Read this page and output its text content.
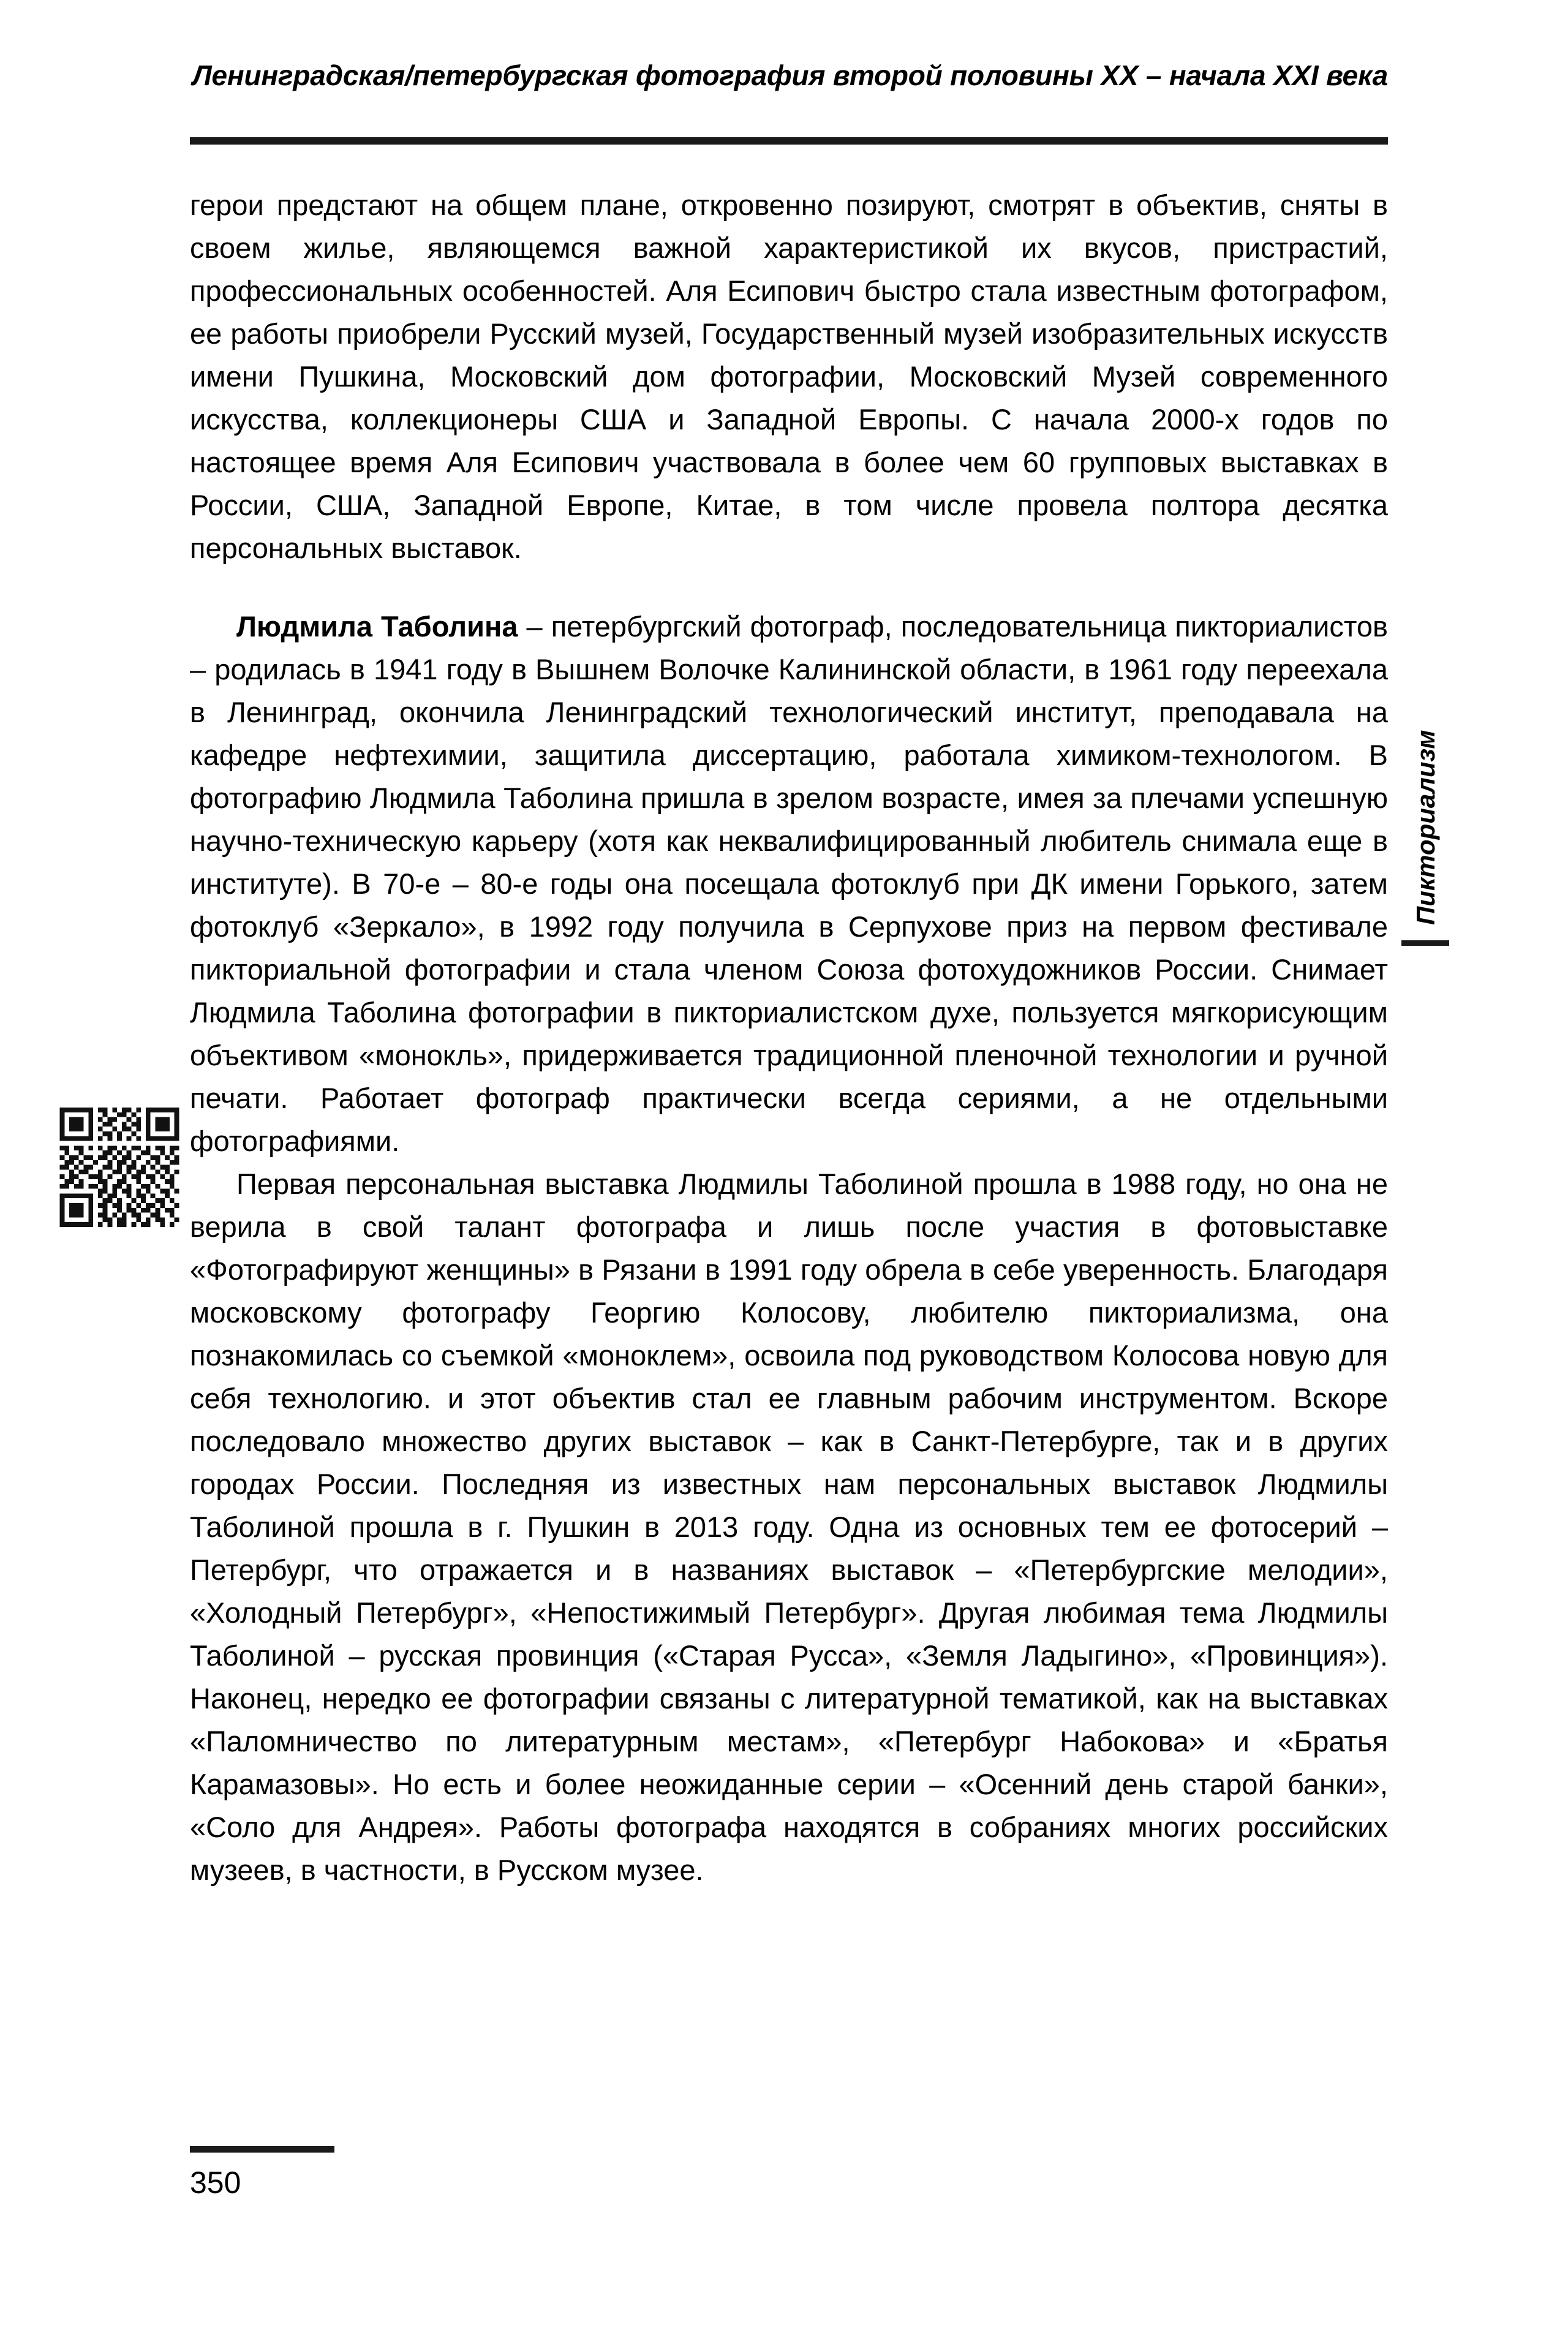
Ленинградская/петербургская фотография второй половины XX – начала XXI века

герои предстают на общем плане, откровенно позируют, смотрят в объектив, сняты в своем жилье, являющемся важной характеристикой их вкусов, пристрастий, профессиональных особенностей. Аля Есипович быстро стала известным фотографом, ее работы приобрели Русский музей, Государственный музей изобразительных искусств имени Пушкина, Московский дом фотографии, Московский Музей современного искусства, коллекционеры США и Западной Европы. С начала 2000-х годов по настоящее время Аля Есипович участвовала в более чем 60 групповых выставках в России, США, Западной Европе, Китае, в том числе провела полтора десятка персональных выставок.

Людмила Таболина – петербургский фотограф, последовательница пикториалистов – родилась в 1941 году в Вышнем Волочке Калининской области, в 1961 году переехала в Ленинград, окончила Ленинградский технологический институт, преподавала на кафедре нефтехимии, защитила диссертацию, работала химиком-технологом. В фотографию Людмила Таболина пришла в зрелом возрасте, имея за плечами успешную научно-техническую карьеру (хотя как неквалифицированный любитель снимала еще в институте). В 70-е – 80-е годы она посещала фотоклуб при ДК имени Горького, затем фотоклуб «Зеркало», в 1992 году получила в Серпухове приз на первом фестивале пикториальной фотографии и стала членом Союза фотохудожников России. Снимает Людмила Таболина фотографии в пикториалистском духе, пользуется мягкорисующим объективом «монокль», придерживается традиционной пленочной технологии и ручной печати. Работает фотограф практически всегда сериями, а не отдельными фотографиями.

Первая персональная выставка Людмилы Таболиной прошла в 1988 году, но она не верила в свой талант фотографа и лишь после участия в фотовыставке «Фотографируют женщины» в Рязани в 1991 году обрела в себе уверенность. Благодаря московскому фотографу Георгию Колосову, любителю пикториализма, она познакомилась со съемкой «моноклем», освоила под руководством Колосова новую для себя технологию. и этот объектив стал ее главным рабочим инструментом. Вскоре последовало множество других выставок – как в Санкт-Петербурге, так и в других городах России. Последняя из известных нам персональных выставок Людмилы Таболиной прошла в г. Пушкин в 2013 году. Одна из основных тем ее фотосерий – Петербург, что отражается и в названиях выставок – «Петербургские мелодии», «Холодный Петербург», «Непостижимый Петербург». Другая любимая тема Людмилы Таболиной – русская провинция («Старая Русса», «Земля Ладыгино», «Провинция»). Наконец, нередко ее фотографии связаны с литературной тематикой, как на выставках «Паломничество по литературным местам», «Петербург Набокова» и «Братья Карамазовы». Но есть и более неожиданные серии – «Осенний день старой банки», «Соло для Андрея». Работы фотографа находятся в собраниях многих российских музеев, в частности, в Русском музее.

Пикториализм
350
